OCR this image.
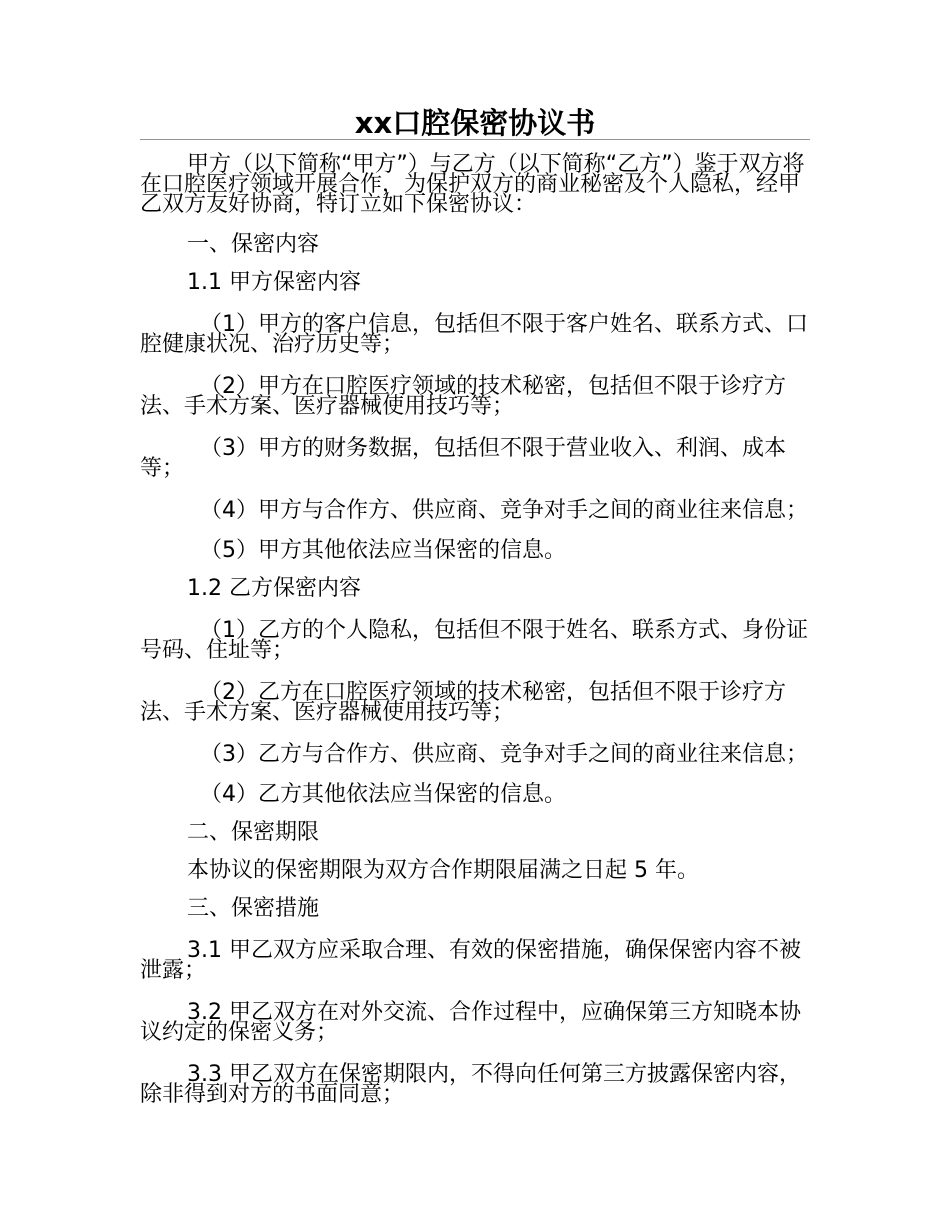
xx口腔保密协议书

甲方（以下简称“甲方”）与乙方（以下简称“乙方”）鉴于双方将在口腔医疗领域开展合作，为保护双方的商业秘密及个人隐私，经甲乙双方友好协商，特订立如下保密协议：

一、保密内容

1.1 甲方保密内容

（1）甲方的客户信息，包括但不限于客户姓名、联系方式、口腔健康状况、治疗历史等；

（2）甲方在口腔医疗领域的技术秘密，包括但不限于诊疗方法、手术方案、医疗器械使用技巧等；

（3）甲方的财务数据，包括但不限于营业收入、利润、成本等；

（4）甲方与合作方、供应商、竞争对手之间的商业往来信息；

（5）甲方其他依法应当保密的信息。

1.2 乙方保密内容

（1）乙方的个人隐私，包括但不限于姓名、联系方式、身份证号码、住址等；

（2）乙方在口腔医疗领域的技术秘密，包括但不限于诊疗方法、手术方案、医疗器械使用技巧等；

（3）乙方与合作方、供应商、竞争对手之间的商业往来信息；

（4）乙方其他依法应当保密的信息。

二、保密期限

本协议的保密期限为双方合作期限届满之日起 5 年。

三、保密措施

3.1 甲乙双方应采取合理、有效的保密措施，确保保密内容不被泄露；

3.2 甲乙双方在对外交流、合作过程中，应确保第三方知晓本协议约定的保密义务；

3.3 甲乙双方在保密期限内，不得向任何第三方披露保密内容，除非得到对方的书面同意；
